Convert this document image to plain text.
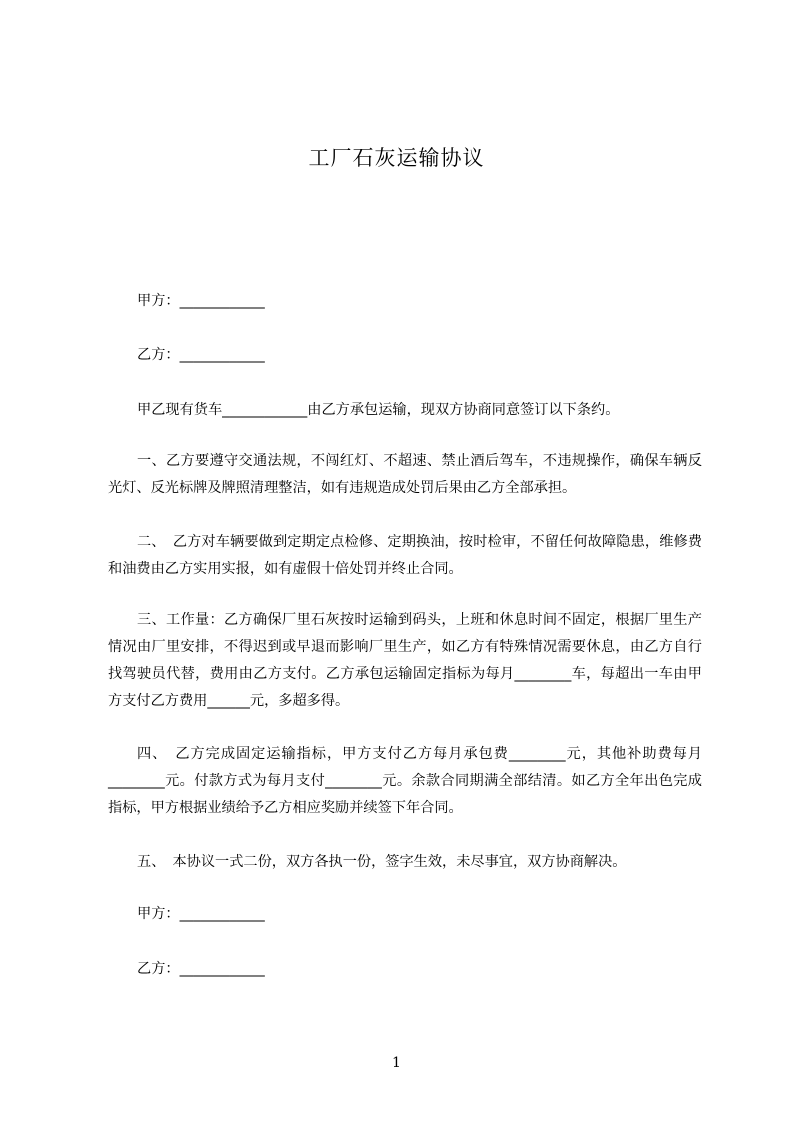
工厂石灰运输协议
甲方：____________
乙方：____________
甲乙现有货车____________由乙方承包运输，现双方协商同意签订以下条约。
一、乙方要遵守交通法规，不闯红灯、不超速、禁止酒后驾车，不违规操作，确保车辆反光灯、反光标牌及牌照清理整洁，如有违规造成处罚后果由乙方全部承担。
二、　乙方对车辆要做到定期定点检修、定期换油，按时检审，不留任何故障隐患，维修费和油费由乙方实用实报，如有虚假十倍处罚并终止合同。
三、工作量：乙方确保厂里石灰按时运输到码头，上班和休息时间不固定，根据厂里生产情况由厂里安排，不得迟到或早退而影响厂里生产，如乙方有特殊情况需要休息，由乙方自行找驾驶员代替，费用由乙方支付。乙方承包运输固定指标为每月________车，每超出一车由甲方支付乙方费用______元，多超多得。
四、　乙方完成固定运输指标，甲方支付乙方每月承包费________元，其他补助费每月________元。付款方式为每月支付________元。余款合同期满全部结清。如乙方全年出色完成指标，甲方根据业绩给予乙方相应奖励并续签下年合同。
五、　本协议一式二份，双方各执一份，签字生效，未尽事宜，双方协商解决。
甲方：____________
乙方：____________
1
